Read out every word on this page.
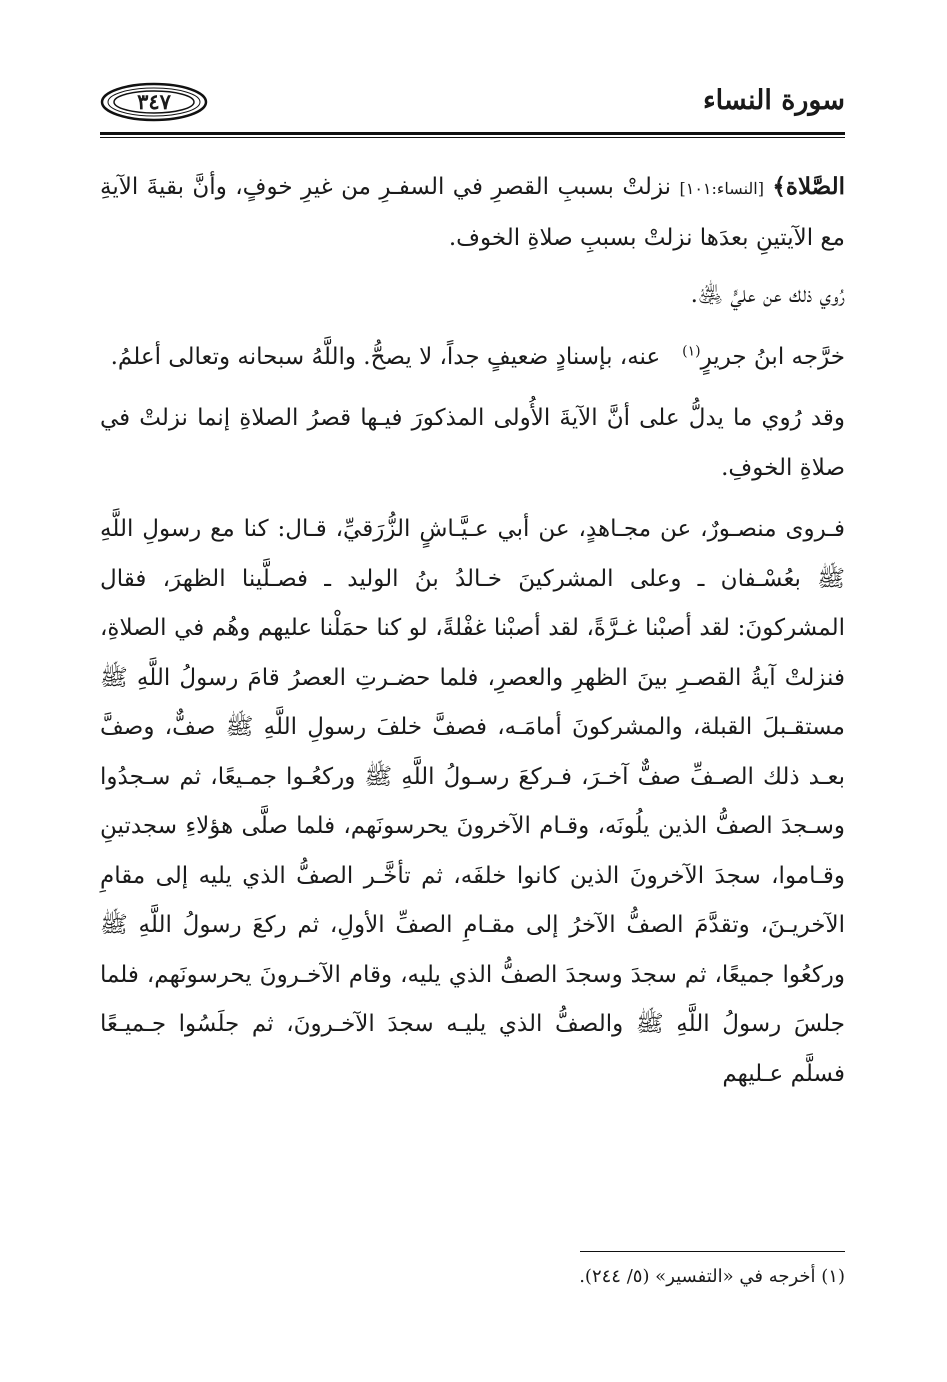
سورة النساء
٣٤٧

الصَّلاة﴾ [النساء:١٠١] نزلتْ بسببِ القصرِ في السفـرِ من غيرِ خوفٍ، وأنَّ بقيةَ الآيةِ مع الآيتينِ بعدَها نزلتْ بسببِ صلاةِ الخوف.

رُوي ذلك عن عليٍّ ﵁.

خرَّجه ابنُ جريرٍ$^{(١)}$   عنه، بإسنادٍ ضعيفٍ جداً، لا يصحُّ. واللَّهُ سبحانه وتعالى أعلمُ.

وقد رُوي ما يدلُّ على أنَّ الآيةَ الأُولى المذكورَ فيـها قصرُ الصلاةِ إنما نزلتْ في صلاةِ الخوفِ.

فـروى منصـورٌ، عن مجـاهدٍ، عن أبي عـيَّـاشٍ الزُّرَقيِّ، قـال: كنا مع رسولِ اللَّهِ ﷺ بعُسْـفان ـ وعلى المشركينَ خـالدُ بنُ الوليد ـ فصـلَّينا الظهرَ، فقال المشركونَ: لقد أصبْنا غـرَّةً، لقد أصبْنا غفْلةً، لو كنا حمَلْنا عليهم وهُم في الصلاةِ، فنزلتْ آيةُ القصـرِ بينَ الظهرِ والعصرِ، فلما حضـرتِ العصرُ قامَ رسولُ اللَّهِ ﷺ مستقـبلَ القبلة، والمشركونَ أمامَـه، فصفَّ خلفَ رسولِ اللَّهِ ﷺ صفٌّ، وصفَّ بعـد ذلك الصـفِّ صفٌّ آخـرَ، فـركعَ رسـولُ اللَّهِ ﷺ وركعُـوا جمـيعًا، ثم سـجدُوا وسـجدَ الصفُّ الذين يلُونَه، وقـام الآخرونَ يحرسونَهم، فلما صلَّى هؤلاءِ سجدتينِ وقـاموا، سجدَ الآخرونَ الذين كانوا خلفَه، ثم تأخَّـر الصفُّ الذي يليه إلى مقامِ الآخريـنَ، وتقدَّمَ الصفُّ الآخرُ إلى مقـامِ الصفِّ الأولِ، ثم ركعَ رسولُ اللَّهِ ﷺ وركعُوا جميعًا، ثم سجدَ وسجدَ الصفُّ الذي يليه، وقام الآخـرونَ يحرسونَهم، فلما جلسَ رسولُ اللَّهِ ﷺ والصفُّ الذي يليـه سجدَ الآخـرونَ، ثم جلَسُوا جـميـعًا فسلَّم عـليهم

(١) أخرجه في «التفسير» (٥/ ٢٤٤).
